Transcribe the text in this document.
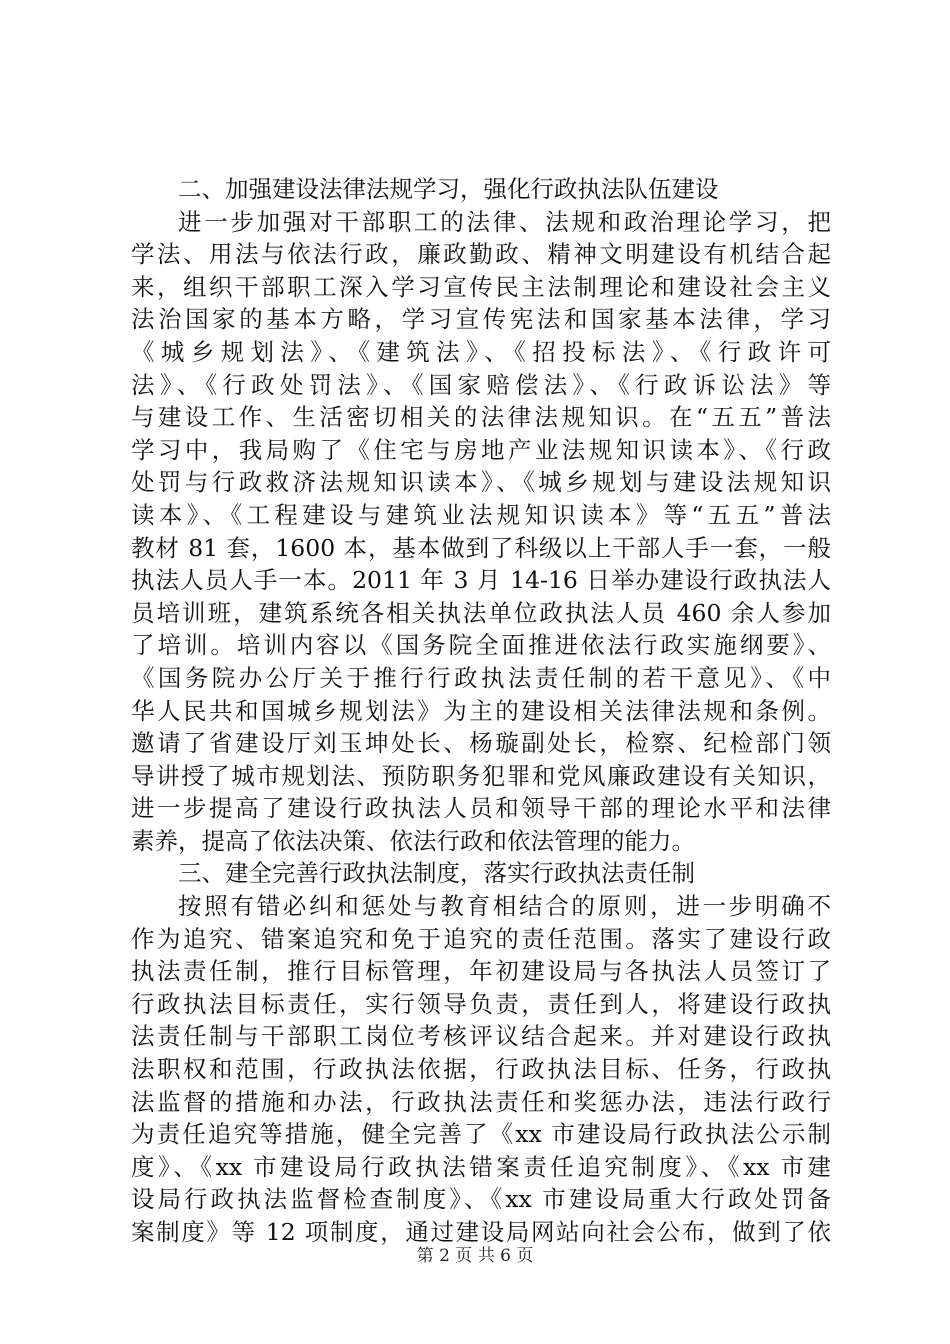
二、加强建设法律法规学习，强化行政执法队伍建设
进一步加强对干部职工的法律、法规和政治理论学习，把
学法、用法与依法行政，廉政勤政、精神文明建设有机结合起
来，组织干部职工深入学习宣传民主法制理论和建设社会主义
法治国家的基本方略，学习宣传宪法和国家基本法律，学习
《城乡规划法》、《建筑法》、《招投标法》、《行政许可
法》、《行政处罚法》、《国家赔偿法》、《行政诉讼法》等
与建设工作、生活密切相关的法律法规知识。在“五五”普法
学习中，我局购了《住宅与房地产业法规知识读本》、《行政
处罚与行政救济法规知识读本》、《城乡规划与建设法规知识
读本》、《工程建设与建筑业法规知识读本》等“五五”普法
教材 81 套，1600 本，基本做到了科级以上干部人手一套，一般
执法人员人手一本。2011 年 3 月 14-16 日举办建设行政执法人
员培训班，建筑系统各相关执法单位政执法人员 460 余人参加
了培训。培训内容以《国务院全面推进依法行政实施纲要》、
《国务院办公厅关于推行行政执法责任制的若干意见》、《中
华人民共和国城乡规划法》为主的建设相关法律法规和条例。
邀请了省建设厅刘玉坤处长、杨璇副处长，检察、纪检部门领
导讲授了城市规划法、预防职务犯罪和党风廉政建设有关知识，
进一步提高了建设行政执法人员和领导干部的理论水平和法律
素养，提高了依法决策、依法行政和依法管理的能力。
三、建全完善行政执法制度，落实行政执法责任制
按照有错必纠和惩处与教育相结合的原则，进一步明确不
作为追究、错案追究和免于追究的责任范围。落实了建设行政
执法责任制，推行目标管理，年初建设局与各执法人员签订了
行政执法目标责任，实行领导负责，责任到人，将建设行政执
法责任制与干部职工岗位考核评议结合起来。并对建设行政执
法职权和范围，行政执法依据，行政执法目标、任务，行政执
法监督的措施和办法，行政执法责任和奖惩办法，违法行政行
为责任追究等措施，健全完善了《xx 市建设局行政执法公示制
度》、《xx 市建设局行政执法错案责任追究制度》、《xx 市建
设局行政执法监督检查制度》、《xx 市建设局重大行政处罚备
案制度》等 12 项制度，通过建设局网站向社会公布，做到了依
第 2 页 共 6 页
